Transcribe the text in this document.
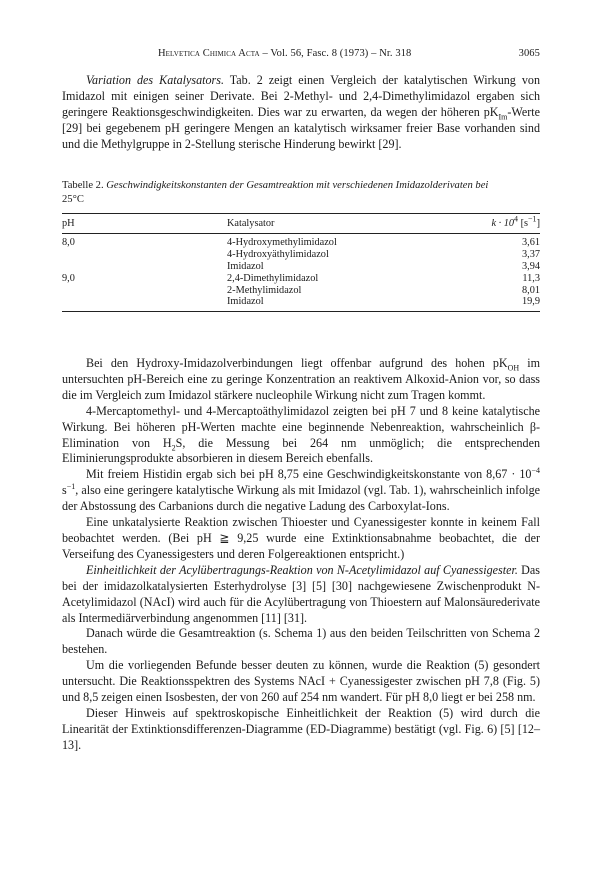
Helvetica Chimica Acta – Vol. 56, Fasc. 8 (1973) – Nr. 318	3065

Variation des Katalysators. Tab. 2 zeigt einen Vergleich der katalytischen Wirkung von Imidazol mit einigen seiner Derivate. Bei 2-Methyl- und 2,4-Dimethylimidazol ergaben sich geringere Reaktionsgeschwindigkeiten. Dies war zu erwarten, da wegen der höheren $pK_{Im}$-Werte [29] bei gegebenem pH geringere Mengen an katalytisch wirksamer freier Base vorhanden sind und die Methylgruppe in 2-Stellung sterische Hinderung bewirkt [29].

Tabelle 2. Geschwindigkeitskonstanten der Gesamtreaktion mit verschiedenen Imidazolderivaten bei

25°C

pH	Katalysator	$k \cdot 10^4$ $[s^{-1}]$
8,0	4-Hydroxymethylimidazol	3,61
	4-Hydroxyäthylimidazol	3,37
	Imidazol	3,94
9,0	2,4-Dimethylimidazol	11,3
	2-Methylimidazol	8,01
	Imidazol	19,9

Bei den Hydroxy-Imidazolverbindungen liegt offenbar aufgrund des hohen $pK_{OH}$ im untersuchten pH-Bereich eine zu geringe Konzentration an reaktivem Alkoxid-Anion vor, so dass die im Vergleich zum Imidazol stärkere nucleophile Wirkung nicht zum Tragen kommt.

4-Mercaptomethyl- und 4-Mercaptoäthylimidazol zeigten bei pH 7 und 8 keine katalytische Wirkung. Bei höheren pH-Werten machte eine beginnende Nebenreaktion, wahrscheinlich β-Elimination von $H_2S$, die Messung bei 264 nm unmöglich; die entsprechenden Eliminierungsprodukte absorbieren in diesem Bereich ebenfalls.

Mit freiem Histidin ergab sich bei pH 8,75 eine Geschwindigkeitskonstante von $8,67 \cdot 10^{-4}$ $s^{-1}$, also eine geringere katalytische Wirkung als mit Imidazol (vgl. Tab. 1), wahrscheinlich infolge der Abstossung des Carbanions durch die negative Ladung des Carboxylat-Ions.

Eine unkatalysierte Reaktion zwischen Thioester und Cyanessigester konnte in keinem Fall beobachtet werden. (Bei pH ≧ 9,25 wurde eine Extinktionsabnahme beobachtet, die der Verseifung des Cyanessigesters und deren Folgereaktionen entspricht.)

Einheitlichkeit der Acylübertragungs-Reaktion von N-Acetylimidazol auf Cyanessigester. Das bei der imidazolkatalysierten Esterhydrolyse [3] [5] [30] nachgewiesene Zwischenprodukt N-Acetylimidazol (NAcI) wird auch für die Acylübertragung von Thioestern auf Malonsäurederivate als Intermediärverbindung angenommen [11] [31].

Danach würde die Gesamtreaktion (s. Schema 1) aus den beiden Teilschritten von Schema 2 bestehen.

Um die vorliegenden Befunde besser deuten zu können, wurde die Reaktion (5) gesondert untersucht. Die Reaktionsspektren des Systems NAcI + Cyanessigester zwischen pH 7,8 (Fig. 5) und 8,5 zeigen einen Isosbesten, der von 260 auf 254 nm wandert. Für pH 8,0 liegt er bei 258 nm.

Dieser Hinweis auf spektroskopische Einheitlichkeit der Reaktion (5) wird durch die Linearität der Extinktionsdifferenzen-Diagramme (ED-Diagramme) bestätigt (vgl. Fig. 6) [5] [12–13].
